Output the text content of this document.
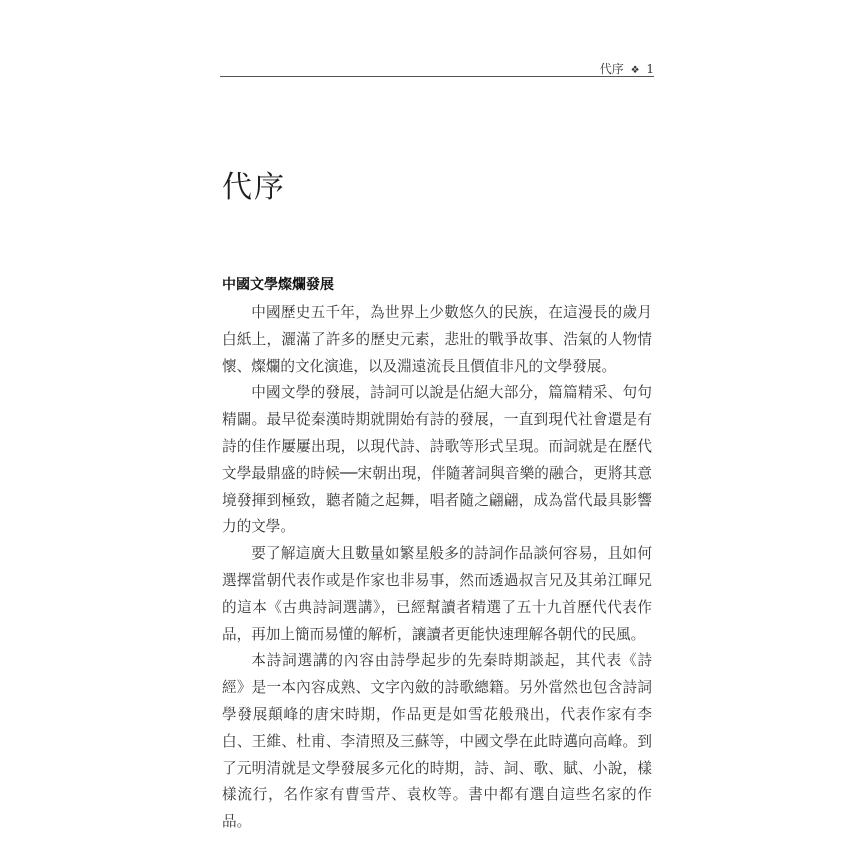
代序 ❖ 1
代序
中國文學燦爛發展

中國歷史五千年，為世界上少數悠久的民族，在這漫長的歲月白紙上，灑滿了許多的歷史元素，悲壯的戰爭故事、浩氣的人物情懷、燦爛的文化演進，以及淵遠流長且價值非凡的文學發展。

中國文學的發展，詩詞可以說是佔絕大部分，篇篇精采、句句精闢。最早從秦漢時期就開始有詩的發展，一直到現代社會還是有詩的佳作屢屢出現，以現代詩、詩歌等形式呈現。而詞就是在歷代文學最鼎盛的時候──宋朝出現，伴隨著詞與音樂的融合，更將其意境發揮到極致，聽者隨之起舞，唱者隨之翩翩，成為當代最具影響力的文學。

要了解這廣大且數量如繁星般多的詩詞作品談何容易，且如何選擇當朝代表作或是作家也非易事，然而透過叔言兄及其弟江暉兄的這本《古典詩詞選講》，已經幫讀者精選了五十九首歷代代表作品，再加上簡而易懂的解析，讓讀者更能快速理解各朝代的民風。

本詩詞選講的內容由詩學起步的先秦時期談起，其代表《詩經》是一本內容成熟、文字內斂的詩歌總籍。另外當然也包含詩詞學發展顛峰的唐宋時期，作品更是如雪花般飛出，代表作家有李白、王維、杜甫、李清照及三蘇等，中國文學在此時邁向高峰。到了元明清就是文學發展多元化的時期，詩、詞、歌、賦、小說，樣樣流行，名作家有曹雪芹、袁枚等。書中都有選自這些名家的作品。
